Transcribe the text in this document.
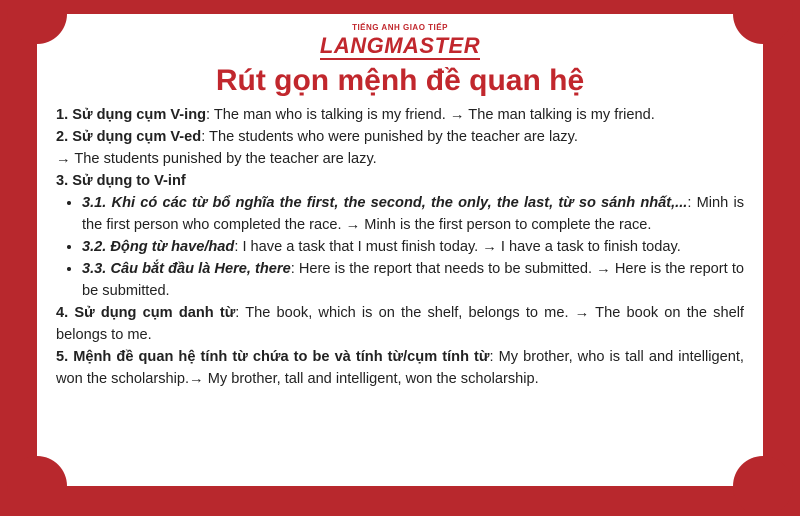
TIẾNG ANH GIAO TIẾP
LANGMASTER
Rút gọn mệnh đề quan hệ

1. Sử dụng cụm V-ing: The man who is talking is my friend. → The man talking is my friend.

2. Sử dụng cụm V-ed: The students who were punished by the teacher are lazy.

→ The students punished by the teacher are lazy.

3. Sử dụng to V-inf

• 3.1. Khi có các từ bổ nghĩa the first, the second, the only, the last, từ so sánh nhất,...: Minh is the first person who completed the race. → Minh is the first person to complete the race.
• 3.2. Động từ have/had: I have a task that I must finish today. → I have a task to finish today.
• 3.3. Câu bắt đầu là Here, there: Here is the report that needs to be submitted. → Here is the report to be submitted.

4. Sử dụng cụm danh từ: The book, which is on the shelf, belongs to me. → The book on the shelf belongs to me.

5. Mệnh đề quan hệ tính từ chứa to be và tính từ/cụm tính từ: My brother, who is tall and intelligent, won the scholarship.→ My brother, tall and intelligent, won the scholarship.
